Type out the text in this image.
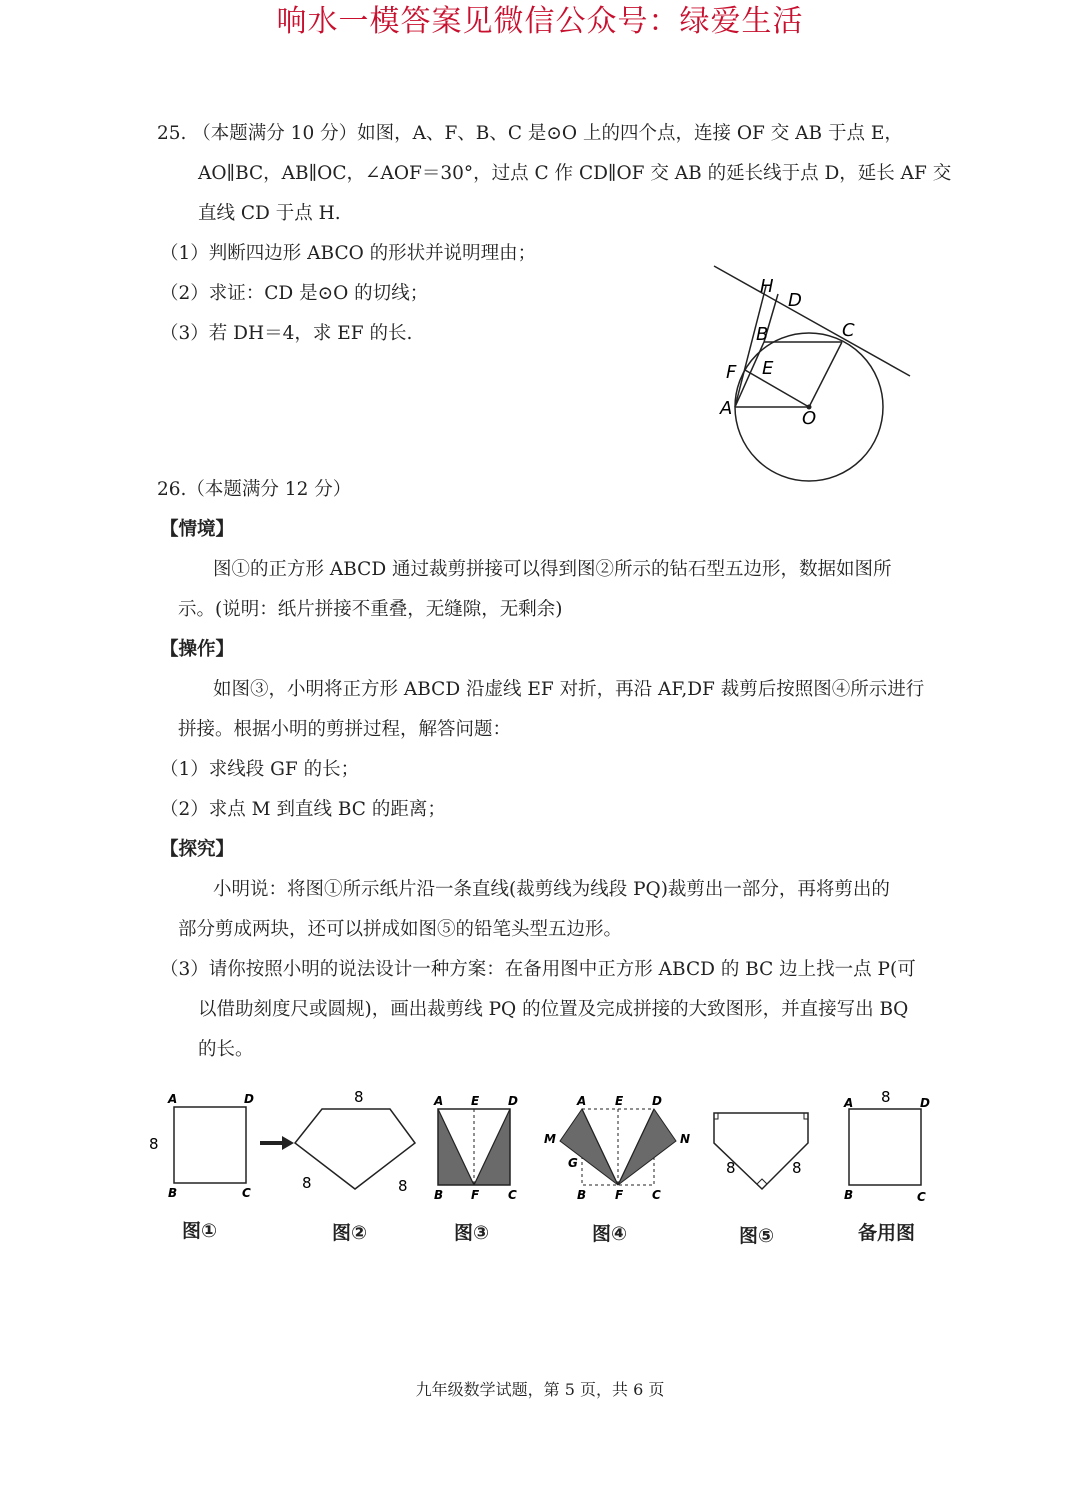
响水一模答案见微信公众号：绿爱生活
25. （本题满分 10 分）如图，A、F、B、C 是⊙O 上的四个点，连接 OF 交 AB 于点 E，
AO∥BC，AB∥OC，∠AOF＝30°，过点 C 作 CD∥OF 交 AB 的延长线于点 D，延长 AF 交
直线 CD 于点 H.
（1）判断四边形 ABCO 的形状并说明理由；
（2）求证：CD 是⊙O 的切线；
（3）若 DH＝4，求 EF 的长.
H
D
B	C
F E
A	O
26.（本题满分 12 分）
【情境】
图①的正方形 ABCD 通过裁剪拼接可以得到图②所示的钻石型五边形，数据如图所
示。(说明：纸片拼接不重叠，无缝隙，无剩余)
【操作】
如图③，小明将正方形 ABCD 沿虚线 EF 对折，再沿 AF,DF 裁剪后按照图④所示进行
拼接。根据小明的剪拼过程，解答问题：
（1）求线段 GF 的长；
（2）求点 M 到直线 BC 的距离；
【探究】
小明说：将图①所示纸片沿一条直线(裁剪线为线段 PQ)裁剪出一部分，再将剪出的
部分剪成两块，还可以拼成如图⑤的铅笔头型五边形。
（3）请你按照小明的说法设计一种方案：在备用图中正方形 ABCD 的 BC 边上找一点 P(可
以借助刻度尺或圆规)，画出裁剪线 PQ 的位置及完成拼接的大致图形，并直接写出 BQ
的长。
A	D
B	C
8
8
8	8
A E D
B F C
A E D
M	N
G
B F C
8	8
8
A	D
B	C
图①	图②	图③	图④	图⑤	备用图
九年级数学试题，第 5 页，共 6 页
